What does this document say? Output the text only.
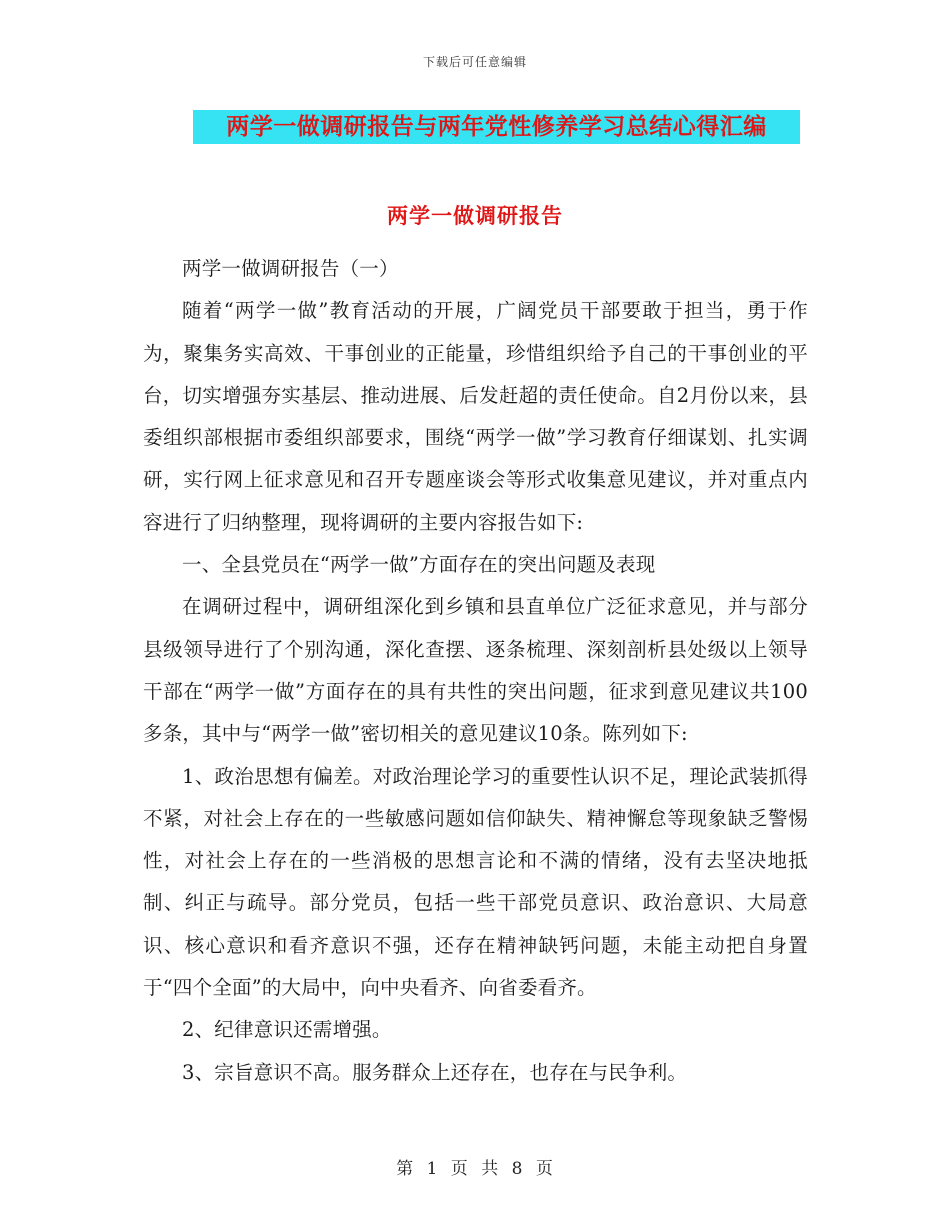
下载后可任意编辑
两学一做调研报告与两年党性修养学习总结心得汇编
两学一做调研报告

两学一做调研报告（一）

随着“两学一做”教育活动的开展，广阔党员干部要敢于担当，勇于作为，聚集务实高效、干事创业的正能量，珍惜组织给予自己的干事创业的平台，切实增强夯实基层、推动进展、后发赶超的责任使命。自2月份以来，县委组织部根据市委组织部要求，围绕“两学一做”学习教育仔细谋划、扎实调研，实行网上征求意见和召开专题座谈会等形式收集意见建议，并对重点内容进行了归纳整理，现将调研的主要内容报告如下:

一、全县党员在“两学一做”方面存在的突出问题及表现

在调研过程中，调研组深化到乡镇和县直单位广泛征求意见，并与部分县级领导进行了个别沟通，深化查摆、逐条梳理、深刻剖析县处级以上领导干部在“两学一做”方面存在的具有共性的突出问题，征求到意见建议共100多条，其中与“两学一做”密切相关的意见建议10条。陈列如下:

1、政治思想有偏差。对政治理论学习的重要性认识不足，理论武装抓得不紧，对社会上存在的一些敏感问题如信仰缺失、精神懈怠等现象缺乏警惕性，对社会上存在的一些消极的思想言论和不满的情绪，没有去坚决地抵制、纠正与疏导。部分党员，包括一些干部党员意识、政治意识、大局意识、核心意识和看齐意识不强，还存在精神缺钙问题，未能主动把自身置于“四个全面”的大局中，向中央看齐、向省委看齐。

2、纪律意识还需增强。

3、宗旨意识不高。服务群众上还存在，也存在与民争利。

第 1 页 共 8 页
